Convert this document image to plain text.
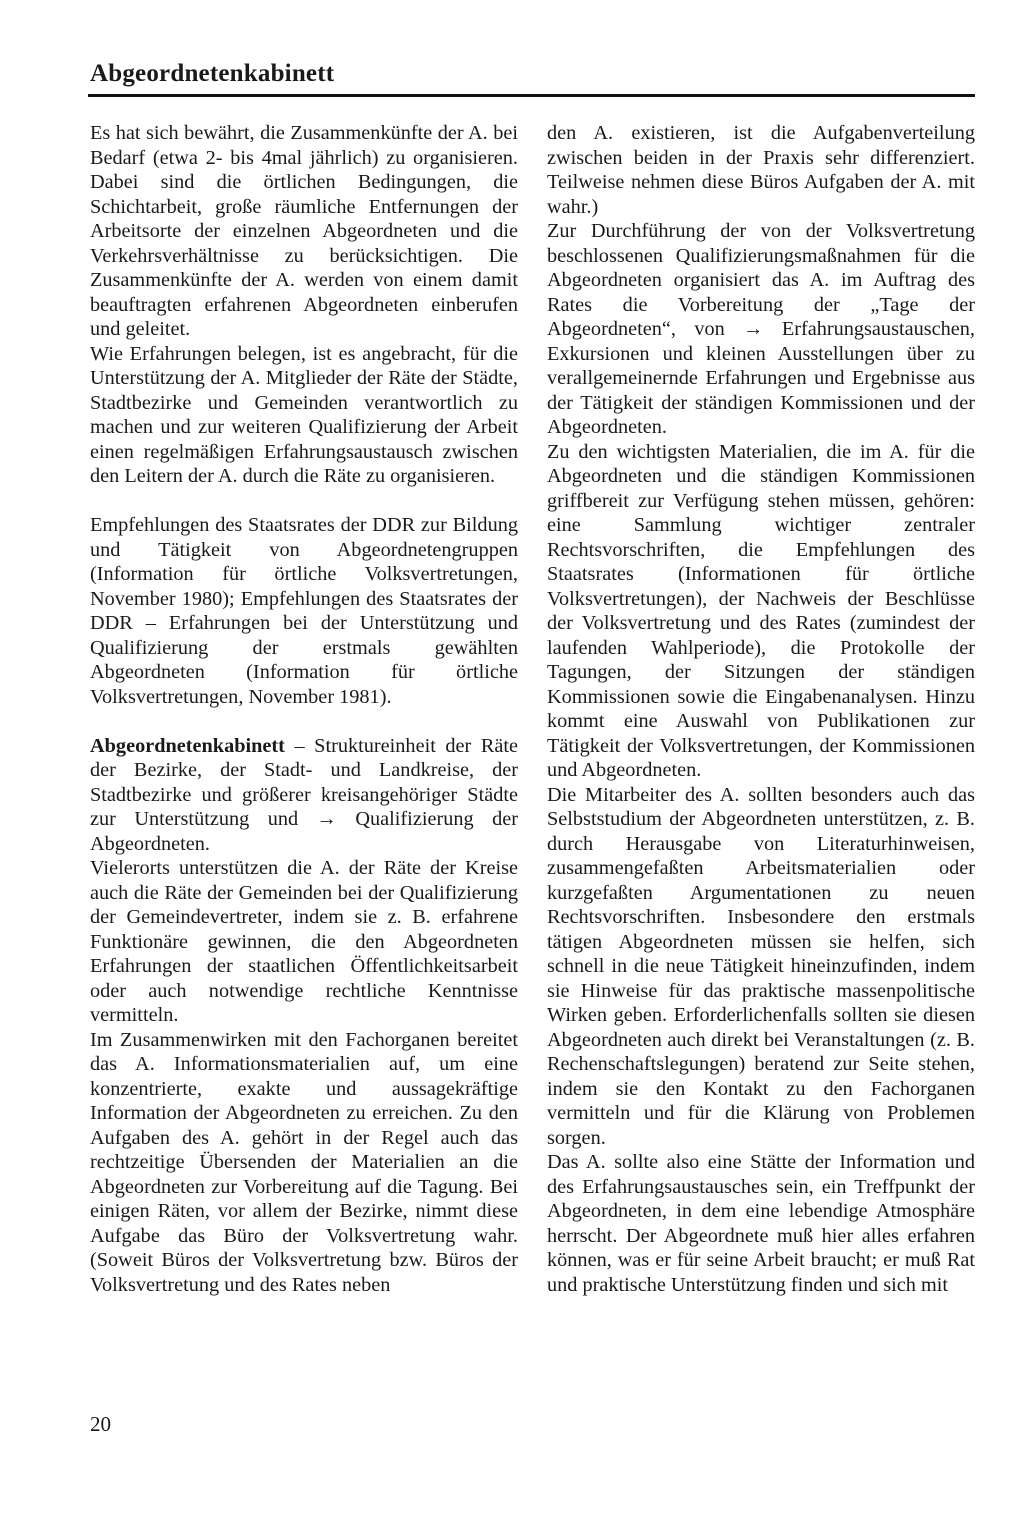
Abgeordnetenkabinett

Es hat sich bewährt, die Zusammenkünfte der A. bei Bedarf (etwa 2- bis 4mal jährlich) zu organisieren. Dabei sind die örtlichen Bedingungen, die Schichtarbeit, große räumliche Entfernungen der Arbeitsorte der einzelnen Abgeordneten und die Verkehrsverhältnisse zu berücksichtigen. Die Zusammenkünfte der A. werden von einem damit beauftragten erfahrenen Abgeordneten einberufen und geleitet.

Wie Erfahrungen belegen, ist es angebracht, für die Unterstützung der A. Mitglieder der Räte der Städte, Stadtbezirke und Gemeinden verantwortlich zu machen und zur weiteren Qualifizierung der Arbeit einen regelmäßigen Erfahrungsaustausch zwischen den Leitern der A. durch die Räte zu organisieren.

Empfehlungen des Staatsrates der DDR zur Bildung und Tätigkeit von Abgeordnetengruppen (Information für örtliche Volksvertretungen, November 1980); Empfehlungen des Staatsrates der DDR – Erfahrungen bei der Unterstützung und Qualifizierung der erstmals gewählten Abgeordneten (Information für örtliche Volksvertretungen, November 1981).

Abgeordnetenkabinett – Struktureinheit der Räte der Bezirke, der Stadt- und Landkreise, der Stadtbezirke und größerer kreisangehöriger Städte zur Unterstützung und → Qualifizierung der Abgeordneten.

Vielerorts unterstützen die A. der Räte der Kreise auch die Räte der Gemeinden bei der Qualifizierung der Gemeindevertreter, indem sie z. B. erfahrene Funktionäre gewinnen, die den Abgeordneten Erfahrungen der staatlichen Öffentlichkeitsarbeit oder auch notwendige rechtliche Kenntnisse vermitteln.

Im Zusammenwirken mit den Fachorganen bereitet das A. Informationsmaterialien auf, um eine konzentrierte, exakte und aussagekräftige Information der Abgeordneten zu erreichen. Zu den Aufgaben des A. gehört in der Regel auch das rechtzeitige Übersenden der Materialien an die Abgeordneten zur Vorbereitung auf die Tagung. Bei einigen Räten, vor allem der Bezirke, nimmt diese Aufgabe das Büro der Volksvertretung wahr. (Soweit Büros der Volksvertretung bzw. Büros der Volksvertretung und des Rates neben

den A. existieren, ist die Aufgabenverteilung zwischen beiden in der Praxis sehr differenziert. Teilweise nehmen diese Büros Aufgaben der A. mit wahr.)

Zur Durchführung der von der Volksvertretung beschlossenen Qualifizierungsmaßnahmen für die Abgeordneten organisiert das A. im Auftrag des Rates die Vorbereitung der „Tage der Abgeordneten“, von → Erfahrungsaustauschen, Exkursionen und kleinen Ausstellungen über zu verallgemeinernde Erfahrungen und Ergebnisse aus der Tätigkeit der ständigen Kommissionen und der Abgeordneten.

Zu den wichtigsten Materialien, die im A. für die Abgeordneten und die ständigen Kommissionen griffbereit zur Verfügung stehen müssen, gehören: eine Sammlung wichtiger zentraler Rechtsvorschriften, die Empfehlungen des Staatsrates (Informationen für örtliche Volksvertretungen), der Nachweis der Beschlüsse der Volksvertretung und des Rates (zumindest der laufenden Wahlperiode), die Protokolle der Tagungen, der Sitzungen der ständigen Kommissionen sowie die Eingabenanalysen. Hinzu kommt eine Auswahl von Publikationen zur Tätigkeit der Volksvertretungen, der Kommissionen und Abgeordneten.

Die Mitarbeiter des A. sollten besonders auch das Selbststudium der Abgeordneten unterstützen, z. B. durch Herausgabe von Literaturhinweisen, zusammengefaßten Arbeitsmaterialien oder kurzgefaßten Argumentationen zu neuen Rechtsvorschriften. Insbesondere den erstmals tätigen Abgeordneten müssen sie helfen, sich schnell in die neue Tätigkeit hineinzufinden, indem sie Hinweise für das praktische massenpolitische Wirken geben. Erforderlichenfalls sollten sie diesen Abgeordneten auch direkt bei Veranstaltungen (z. B. Rechenschaftslegungen) beratend zur Seite stehen, indem sie den Kontakt zu den Fachorganen vermitteln und für die Klärung von Problemen sorgen.

Das A. sollte also eine Stätte der Information und des Erfahrungsaustausches sein, ein Treffpunkt der Abgeordneten, in dem eine lebendige Atmosphäre herrscht. Der Abgeordnete muß hier alles erfahren können, was er für seine Arbeit braucht; er muß Rat und praktische Unterstützung finden und sich mit

20
